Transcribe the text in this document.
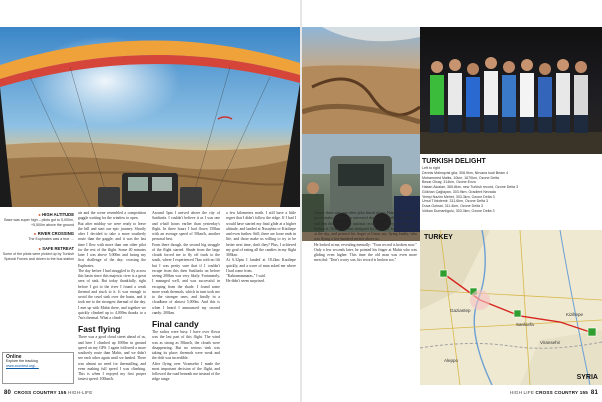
▸ HIGH ALTITUDE
Base was super high – pilots got to 5,000m, +5,500m above the ground
▸ RIVER CROSSING
The Euphrates was a true …
▸ SAFE RETREAT
Some of the pilots were picked up by Turkish Special Forces and driven to the bus station
Online
Explore the tracklog
www.xcontest.org/…

air and the scene resembled a competition gaggle waiting for the window to open.

But after midday we were ready to leave the hill and start our epic journey. Shortly after I decided to take a more southerly route than the gaggle, and it was the last time I flew with more than one other pilot for the rest of the flight. Some 40 minutes later I was above 5,000m and facing my first challenge of the day: crossing the Euphrates.

The day before I had struggled to fly across this basin since this majestic river is a great area of sink. But today thankfully, right before I got to the river I found a weak thermal and stuck to it. It was enough to avoid the cruel sink over the basin, and it took me to the strongest thermal of the day. I met up with Mahir there, and together we quickly climbed up to 4,000m thanks to a 7m/s thermal. What a climb!

Fast flying

There was a good cloud street ahead of us, and here I climbed up 1000m in ground speed on my GPS. I again followed a more southerly route than Mahir, and we didn't see each other again until we landed. There was almost no need for thermalling, and even making full speed I was climbing. This is when I enjoyed my first proper fastest speed: 100km/h.

Around 3pm I arrived above the city of Sanliurfa. I couldn't believe it as I was one and a-half hours earlier than yesterday's flight. In three hours I had flown 150km with an average speed of 50km/h, another personal best.

From there though, the second big struggle of the flight started. Shade from the large clouds forced me to fly off track to the south, where I experienced 7km with no lift but I was pretty sure that if I couldn't escape from this then Sanliurfa on before seeing 200km was very likely. Fortunately, I managed well, and was successful in escaping from the shade. I found some more weak thermals, which in turn took me to the stronger ones, and finally in a cloudbase of almost 5,000m. And this is when I heard I announced my second candy: 200km.

Final candy

The radios were busy. I have over flown was the last part of this flight. The wind was as strong as 50km/h, the clouds were disappearing. But no serious sink was taking its place; thermals were weak and the drift was incredible.

After flying over Viransehir I made the most important decision of the flight, and followed the road beneath me instead of the ridge range

a few kilometres north. I still have a little regret that I didn't follow the ridge. If I had I would have started my final glide at a higher altitude, and landed at Nusaybin or Kiziltepe and even further. Still, there are loose ends in life, and those make us willing to try to be better next time, don't they? Plus, I achieved my goal of eating all the candies in my flight 300km.

At 6.32pm I landed at 18.2km Kızıltepe quickly, and a wave of man asked me where I had come from.

"Kahramanmaras," I said.

He didn't seem surprised.

80 CROSS COUNTRY 155 HIGH-LIFE
TURKISH DELIGHT
Left to right
Dennis Malmqvist gila, 308.9km, Nirvana kodi Beam 4
Mohammed Malks, 10km, 1670km, Ozone Delta
Besar Olcay, 314km, Ozone Enzo
Hakan Alcalan, 365.8km, new Turkish record, Ozone Delta 3
Gökhan Çağlayan, 303.9km, Gradient Nevada
Yemşi Nazim Mehet, 303.3km, Ozone Delta 3
Umut Türkdemir, 311.6km, Ozone Delta 3
Duva Goksal, 311.4km, Ozone Delta 3
Volkan Dumanligulu, 303.3km, Ozone Delta 3

I knew there was one other pilot ahead of me, Hakan Alcalan, but just to make the old man interested about this unbelievable flight, I told him this was a new national record for Turkey and that I had broken it. That made him intrigued for a second, but he looked up at the sky, and pointed his finger at Umut, my flying buddy, who was flying a few hundred metres above us.

He looked at me, revealing mentally: "Your record is broken now."

Only a few seconds later, he pointed his finger at Mahir who was gliding even higher. This time the old man was even more merciful: "Don't worry son, his record is broken too."

TURKEY
SYRIA
Gaziantep
Sanliurfa
Viransehir
Kiziltepe
Aleppo
HIGH LIFE CROSS COUNTRY 155 81
